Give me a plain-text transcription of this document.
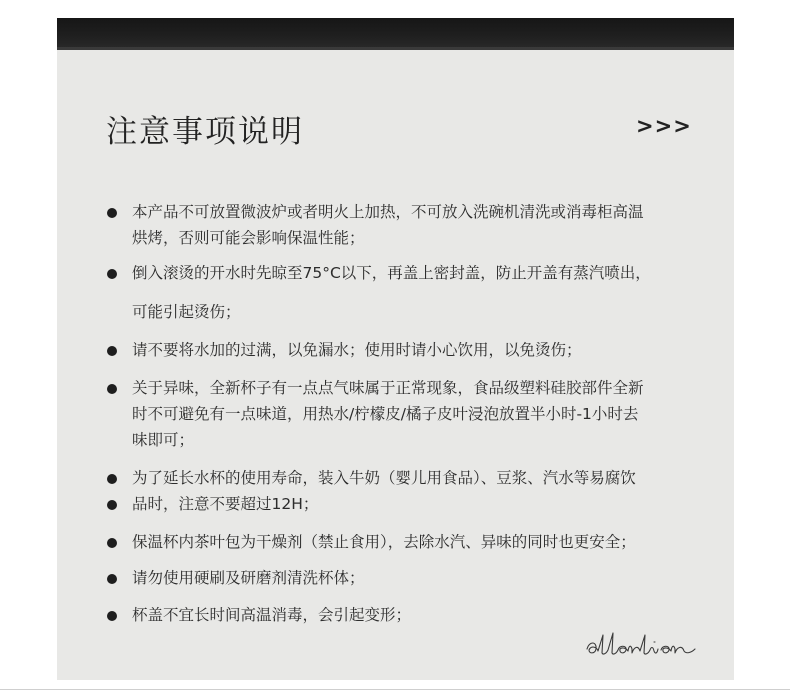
注意事项说明	>>>
本产品不可放置微波炉或者明火上加热，不可放入洗碗机清洗或消毒柜高温
烘烤，否则可能会影响保温性能；
倒入滚烫的开水时先晾至75°C以下，再盖上密封盖，防止开盖有蒸汽喷出，
可能引起烫伤；
请不要将水加的过满，以免漏水；使用时请小心饮用，以免烫伤；
关于异味，全新杯子有一点点气味属于正常现象，食品级塑料硅胶部件全新
时不可避免有一点味道，用热水/柠檬皮/橘子皮叶浸泡放置半小时-1小时去
味即可；
为了延长水杯的使用寿命，装入牛奶（婴儿用食品）、豆浆、汽水等易腐饮
品时，注意不要超过12H；
保温杯内茶叶包为干燥剂（禁止食用），去除水汽、异味的同时也更安全；
请勿使用硬刷及研磨剂清洗杯体；
杯盖不宜长时间高温消毒，会引起变形；
